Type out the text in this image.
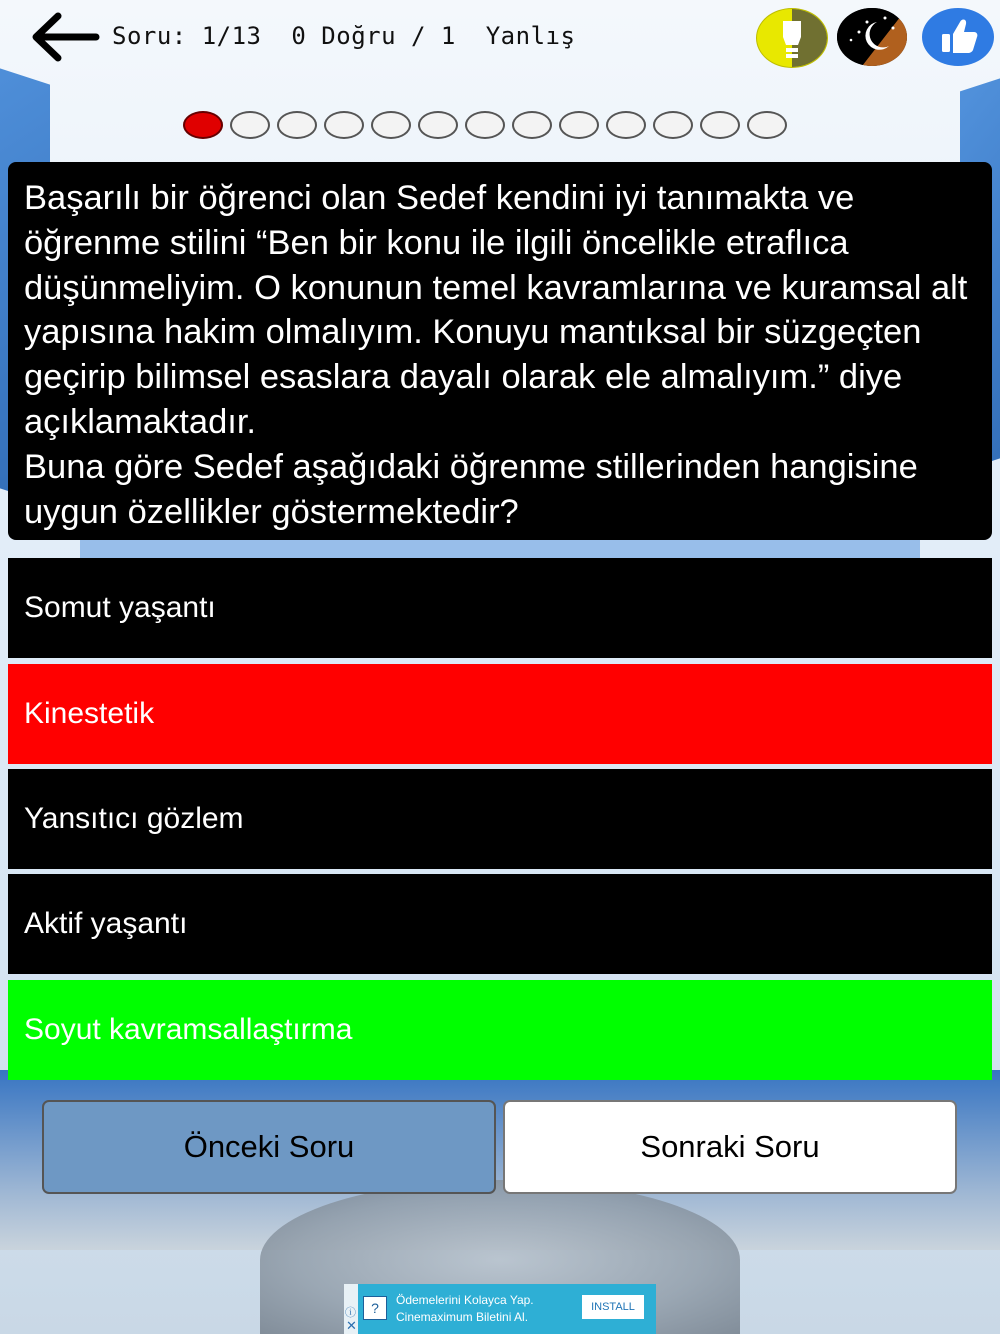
Soru: 1/13  0 Doğru / 1  Yanlış

Başarılı bir öğrenci olan Sedef kendini iyi tanımakta ve öğrenme stilini “Ben bir konu ile ilgili öncelikle etraflıca düşünmeliyim. O konunun temel kavramlarına ve kuramsal alt yapısına hakim olmalıyım. Konuyu mantıksal bir süzgeçten geçirip bilimsel esaslara dayalı olarak ele almalıyım.” diye açıklamaktadır.

Buna göre Sedef aşağıdaki öğrenme stillerinden hangisine uygun özellikler göstermektedir?

Somut yaşantı
Kinestetik
Yansıtıcı gözlem
Aktif yaşantı
Soyut kavramsallaştırma
Önceki Soru	Sonraki Soru
ⓘ
✕
?	Ödemelerini Kolayca Yap.
Cinemaximum Biletini Al.
INSTALL
